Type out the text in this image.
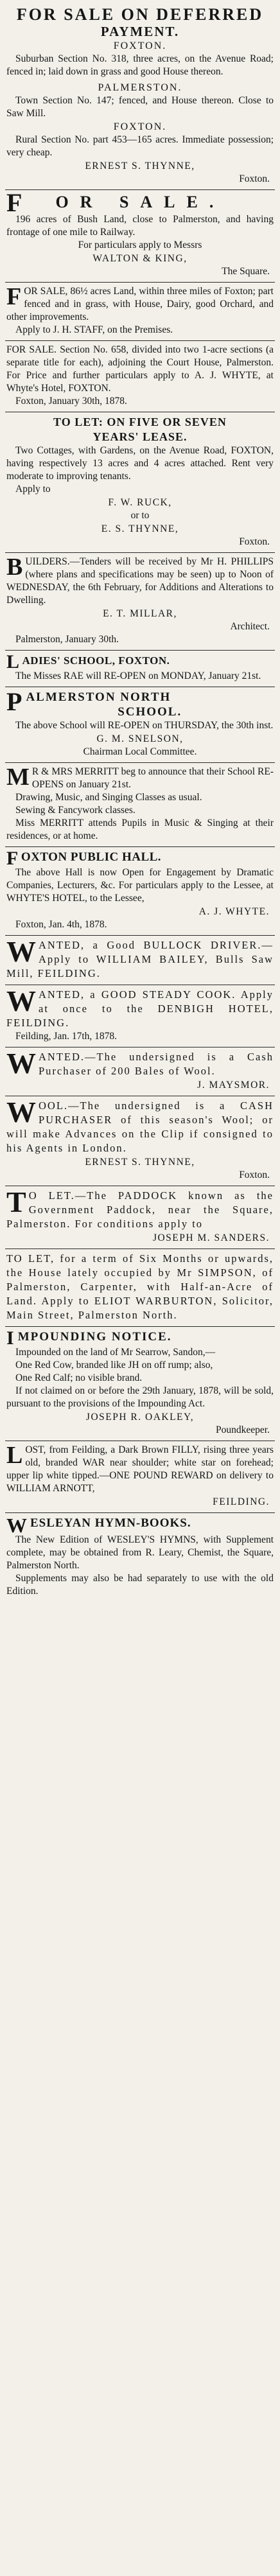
FOR SALE ON DEFERRED
PAYMENT.
FOXTON.
Suburban Section No. 318, three acres, on the Avenue Road; fenced in; laid down in grass and good House thereon.
PALMERSTON.
Town Section No. 147; fenced, and House thereon. Close to Saw Mill.
FOXTON.
Rural Section No. part 453—165 acres. Immediate possession; very cheap.
ERNEST S. THYNNE,
Foxton.
F OR SALE.
196 acres of Bush Land, close to Palmerston, and having frontage of one mile to Railway.
For particulars apply to Messrs
WALTON & KING,
The Square.
FOR SALE, 86½ acres Land, within three miles of Foxton; part fenced and in grass, with House, Dairy, good Orchard, and other improvements.
Apply to J. H. STAFF, on the Premises.
FOR SALE. Section No. 658, divided into two 1-acre sections (a separate title for each), adjoining the Court House, Palmerston. For Price and further particulars apply to A. J. WHYTE, at Whyte's Hotel, FOXTON.
Foxton, January 30th, 1878.
TO LET: ON FIVE OR SEVEN
YEARS' LEASE.
Two Cottages, with Gardens, on the Avenue Road, FOXTON, having respectively 13 acres and 4 acres attached. Rent very moderate to improving tenants.
Apply to
F. W. RUCK,
or to
E. S. THYNNE,
Foxton.
BUILDERS.—Tenders will be received by Mr H. PHILLIPS (where plans and specifications may be seen) up to Noon of WEDNESDAY, the 6th February, for Additions and Alterations to Dwelling.
E. T. MILLAR,
Architect.
Palmerston, January 30th.
LADIES' SCHOOL, FOXTON.
The Misses RAE will RE-OPEN on MONDAY, January 21st.
PALMERSTON NORTH
SCHOOL.
The above School will RE-OPEN on THURSDAY, the 30th inst.
G. M. SNELSON,
Chairman Local Committee.
M R & MRS MERRITT beg to announce that their School RE-OPENS on January 21st.
Drawing, Music, and Singing Classes as usual.
Sewing & Fancywork classes.
Miss MERRITT attends Pupils in Music & Singing at their residences, or at home.
FOXTON PUBLIC HALL.
The above Hall is now Open for Engagement by Dramatic Companies, Lecturers, &c. For particulars apply to the Lessee, at WHYTE'S HOTEL, to the Lessee,
A. J. WHYTE.
Foxton, Jan. 4th, 1878.
WANTED, a Good BULLOCK DRIVER.—Apply to WILLIAM BAILEY, Bulls Saw Mill, FEILDING.
WANTED, a GOOD STEADY COOK. Apply at once to the DENBIGH HOTEL, FEILDING.
Feilding, Jan. 17th, 1878.
WANTED.—The undersigned is a Cash Purchaser of 200 Bales of Wool.
J. MAYSMOR.
WOOL.—The undersigned is a CASH PURCHASER of this season's Wool; or will make Advances on the Clip if consigned to his Agents in London.
ERNEST S. THYNNE,
Foxton.
T O LET.—The PADDOCK known as the Government Paddock, near the Square, Palmerston. For conditions apply to
JOSEPH M. SANDERS.
TO LET, for a term of Six Months or upwards, the House lately occupied by Mr SIMPSON, of Palmerston, Carpenter, with Half-an-Acre of Land. Apply to ELIOT WARBURTON, Solicitor, Main Street, Palmerston North.
IMPOUNDING NOTICE.
Impounded on the land of Mr Searrow, Sandon,—
One Red Cow, branded like JH on off rump; also,
One Red Calf; no visible brand.
If not claimed on or before the 29th January, 1878, will be sold, pursuant to the provisions of the Impounding Act.
JOSEPH R. OAKLEY,
Poundkeeper.
LOST, from Feilding, a Dark Brown FILLY, rising three years old, branded WAR near shoulder; white star on forehead; upper lip white tipped.—ONE POUND REWARD on delivery to WILLIAM ARNOTT,
FEILDING.
WESLEYAN HYMN-BOOKS.
The New Edition of WESLEY'S HYMNS, with Supplement complete, may be obtained from R. Leary, Chemist, the Square, Palmerston North.
Supplements may also be had separately to use with the old Edition.
